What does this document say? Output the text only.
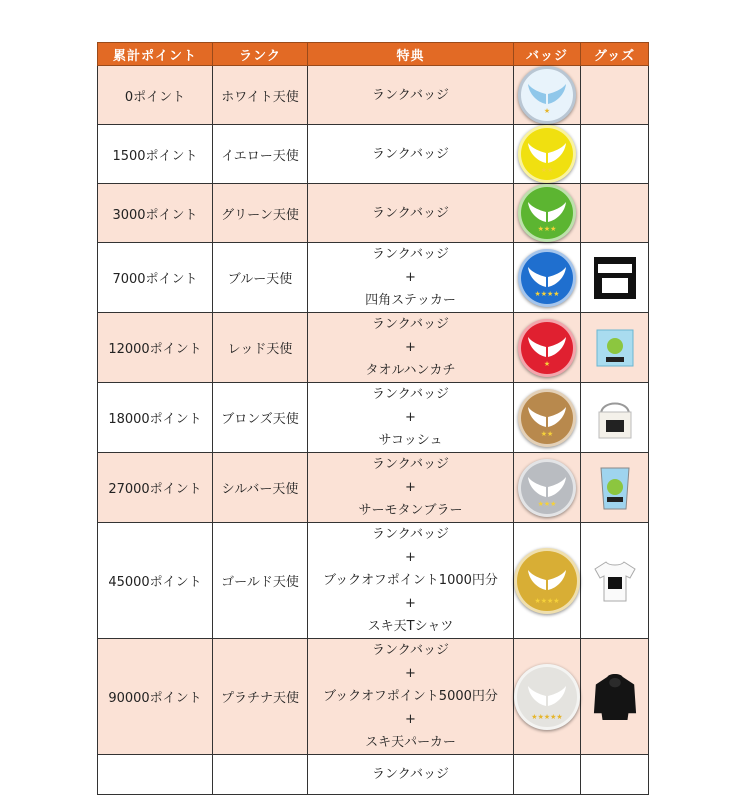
累計ポイント	ランク	特典	バッジ	グッズ
0ポイント	ホワイト天使	ランクバッジ	★	

1500ポイント	イエロー天使	ランクバッジ	★★	

3000ポイント	グリーン天使	ランクバッジ	★★★	

7000ポイント	ブルー天使	ランクバッジ
+
四角ステッカー	★★★★

12000ポイント	レッド天使	ランクバッジ
+
タオルハンカチ	★

18000ポイント	ブロンズ天使	ランクバッジ
+
サコッシュ	★★

27000ポイント	シルバー天使	ランクバッジ
+
サーモタンブラー	★★★

45000ポイント	ゴールド天使	ランクバッジ
+
ブックオフポイント1000円分
+
スキ天Tシャツ	★★★★

90000ポイント	プラチナ天使	ランクバッジ
+
ブックオフポイント5000円分
+
スキ天パーカー	★★★★★

		ランクバッジ		
